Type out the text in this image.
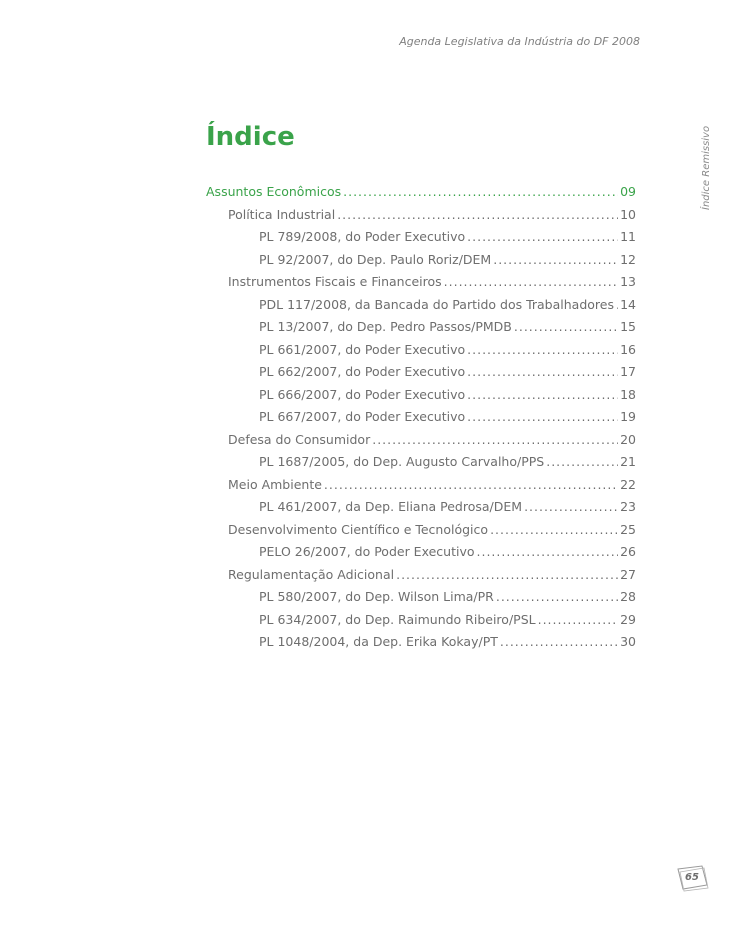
Agenda Legislativa da Indústria do DF 2008
Índice Remissivo
Índice
Assuntos Econômicos .....	09
Política Industrial .....	10
PL 789/2008, do Poder Executivo .....	11
PL 92/2007, do Dep. Paulo Roriz/DEM .....	12
Instrumentos Fiscais e Financeiros .....	13
PDL 117/2008, da Bancada do Partido dos Trabalhadores ..... 14
PL 13/2007, do Dep. Pedro Passos/PMDB .....	15
PL 661/2007, do Poder Executivo .....	16
PL 662/2007, do Poder Executivo .....	17
PL 666/2007, do Poder Executivo .....	18
PL 667/2007, do Poder Executivo .....	19
Defesa do Consumidor .....	20
PL 1687/2005, do Dep. Augusto Carvalho/PPS .....	21
Meio Ambiente .....	22
PL 461/2007, da Dep. Eliana Pedrosa/DEM .....	23
Desenvolvimento Científico e Tecnológico .....	25
PELO 26/2007, do Poder Executivo .....	26
Regulamentação Adicional .....	27
PL 580/2007, do Dep. Wilson Lima/PR .....	28
PL 634/2007, do Dep. Raimundo Ribeiro/PSL .....	29
PL 1048/2004, da Dep. Erika Kokay/PT .....	30
65
